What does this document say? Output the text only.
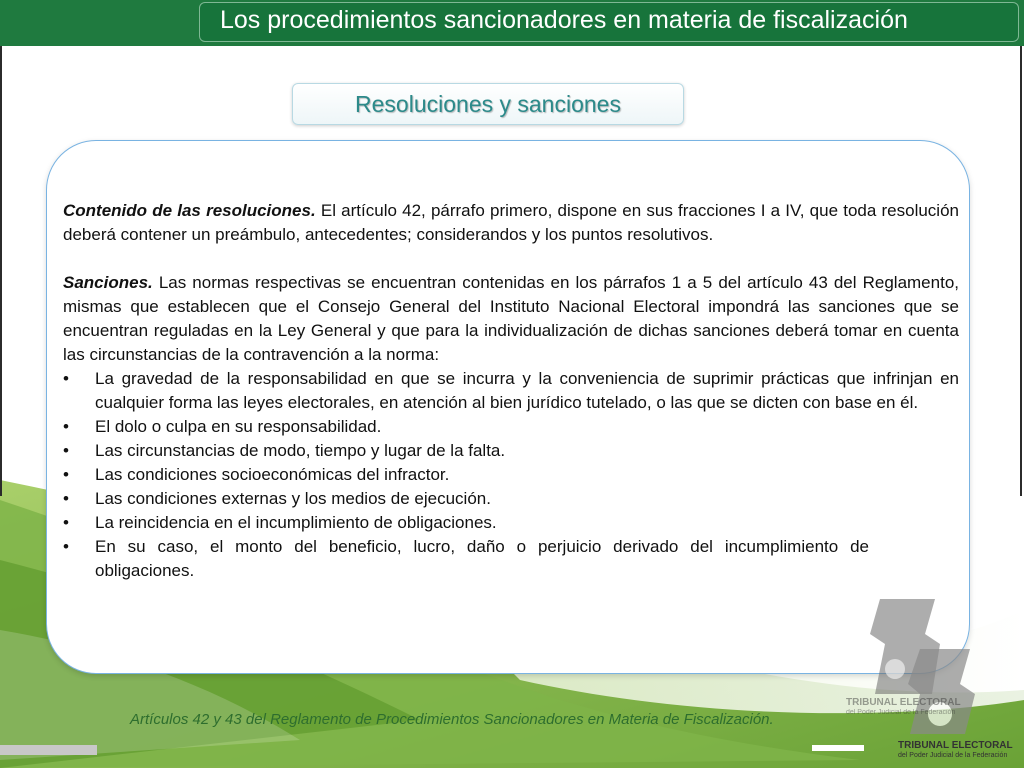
Los procedimientos sancionadores en materia de fiscalización
Resoluciones y sanciones

Contenido de las resoluciones. El artículo 42, párrafo primero, dispone en sus fracciones I a IV, que toda resolución deberá contener un preámbulo, antecedentes; considerandos y los puntos resolutivos.

Sanciones. Las normas respectivas se encuentran contenidas en los párrafos 1 a 5 del artículo 43 del Reglamento, mismas que establecen que el Consejo General del Instituto Nacional Electoral impondrá las sanciones que se encuentran reguladas en la Ley General y que para la individualización de dichas sanciones deberá tomar en cuenta las circunstancias de la contravención a la norma:

• La gravedad de la responsabilidad en que se incurra y la conveniencia de suprimir prácticas que infrinjan en cualquier forma las leyes electorales, en atención al bien jurídico tutelado, o las que se dicten con base en él.
• El dolo o culpa en su responsabilidad.
• Las circunstancias de modo, tiempo y lugar de la falta.
• Las condiciones socioeconómicas del infractor.
• Las condiciones externas y los medios de ejecución.
• La reincidencia en el incumplimiento de obligaciones.
• En su caso, el monto del beneficio, lucro, daño o perjuicio derivado del incumplimiento de obligaciones.
Artículos 42 y 43 del Reglamento de Procedimientos Sancionadores en Materia de Fiscalización.
TRIBUNAL ELECTORAL
del Poder Judicial de la Federación
TRIBUNAL ELECTORAL
del Poder Judicial de la Federación
